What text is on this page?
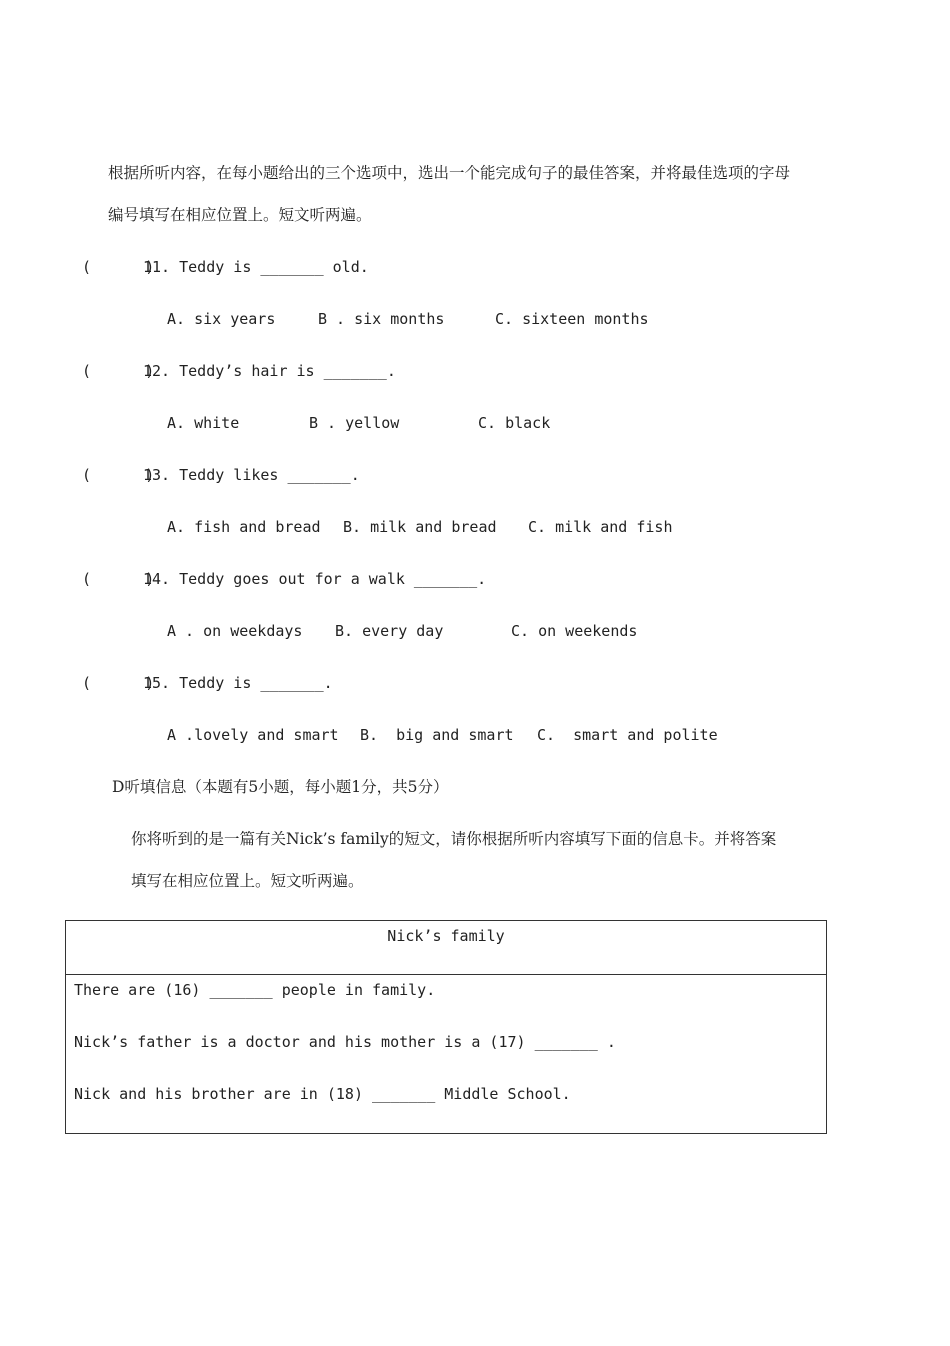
根据所听内容，在每小题给出的三个选项中，选出一个能完成句子的最佳答案，并将最佳选项的字母
编号填写在相应位置上。短文听两遍。
(      )
11. Teddy is _______ old.
A. six years	B . six months	C. sixteen months
(      )
12. Teddy’s hair is _______.
A. white	B . yellow	C. black
(      )
13. Teddy likes _______.
A. fish and bread B. milk and bread C. milk and fish
(      )
14. Teddy goes out for a walk _______.
A . on weekdays B. every day	C. on weekends
(      )
15. Teddy is _______.
A .lovely and smart B.  big and smart C.  smart and polite
D听填信息（本题有5小题，每小题1分，共5分）
你将听到的是一篇有关Nick’s family的短文，请你根据所听内容填写下面的信息卡。并将答案
填写在相应位置上。短文听两遍。
Nick’s family
There are (16) _______ people in family.
Nick’s father is a doctor and his mother is a (17) _______ .
Nick and his brother are in (18) _______ Middle School.
